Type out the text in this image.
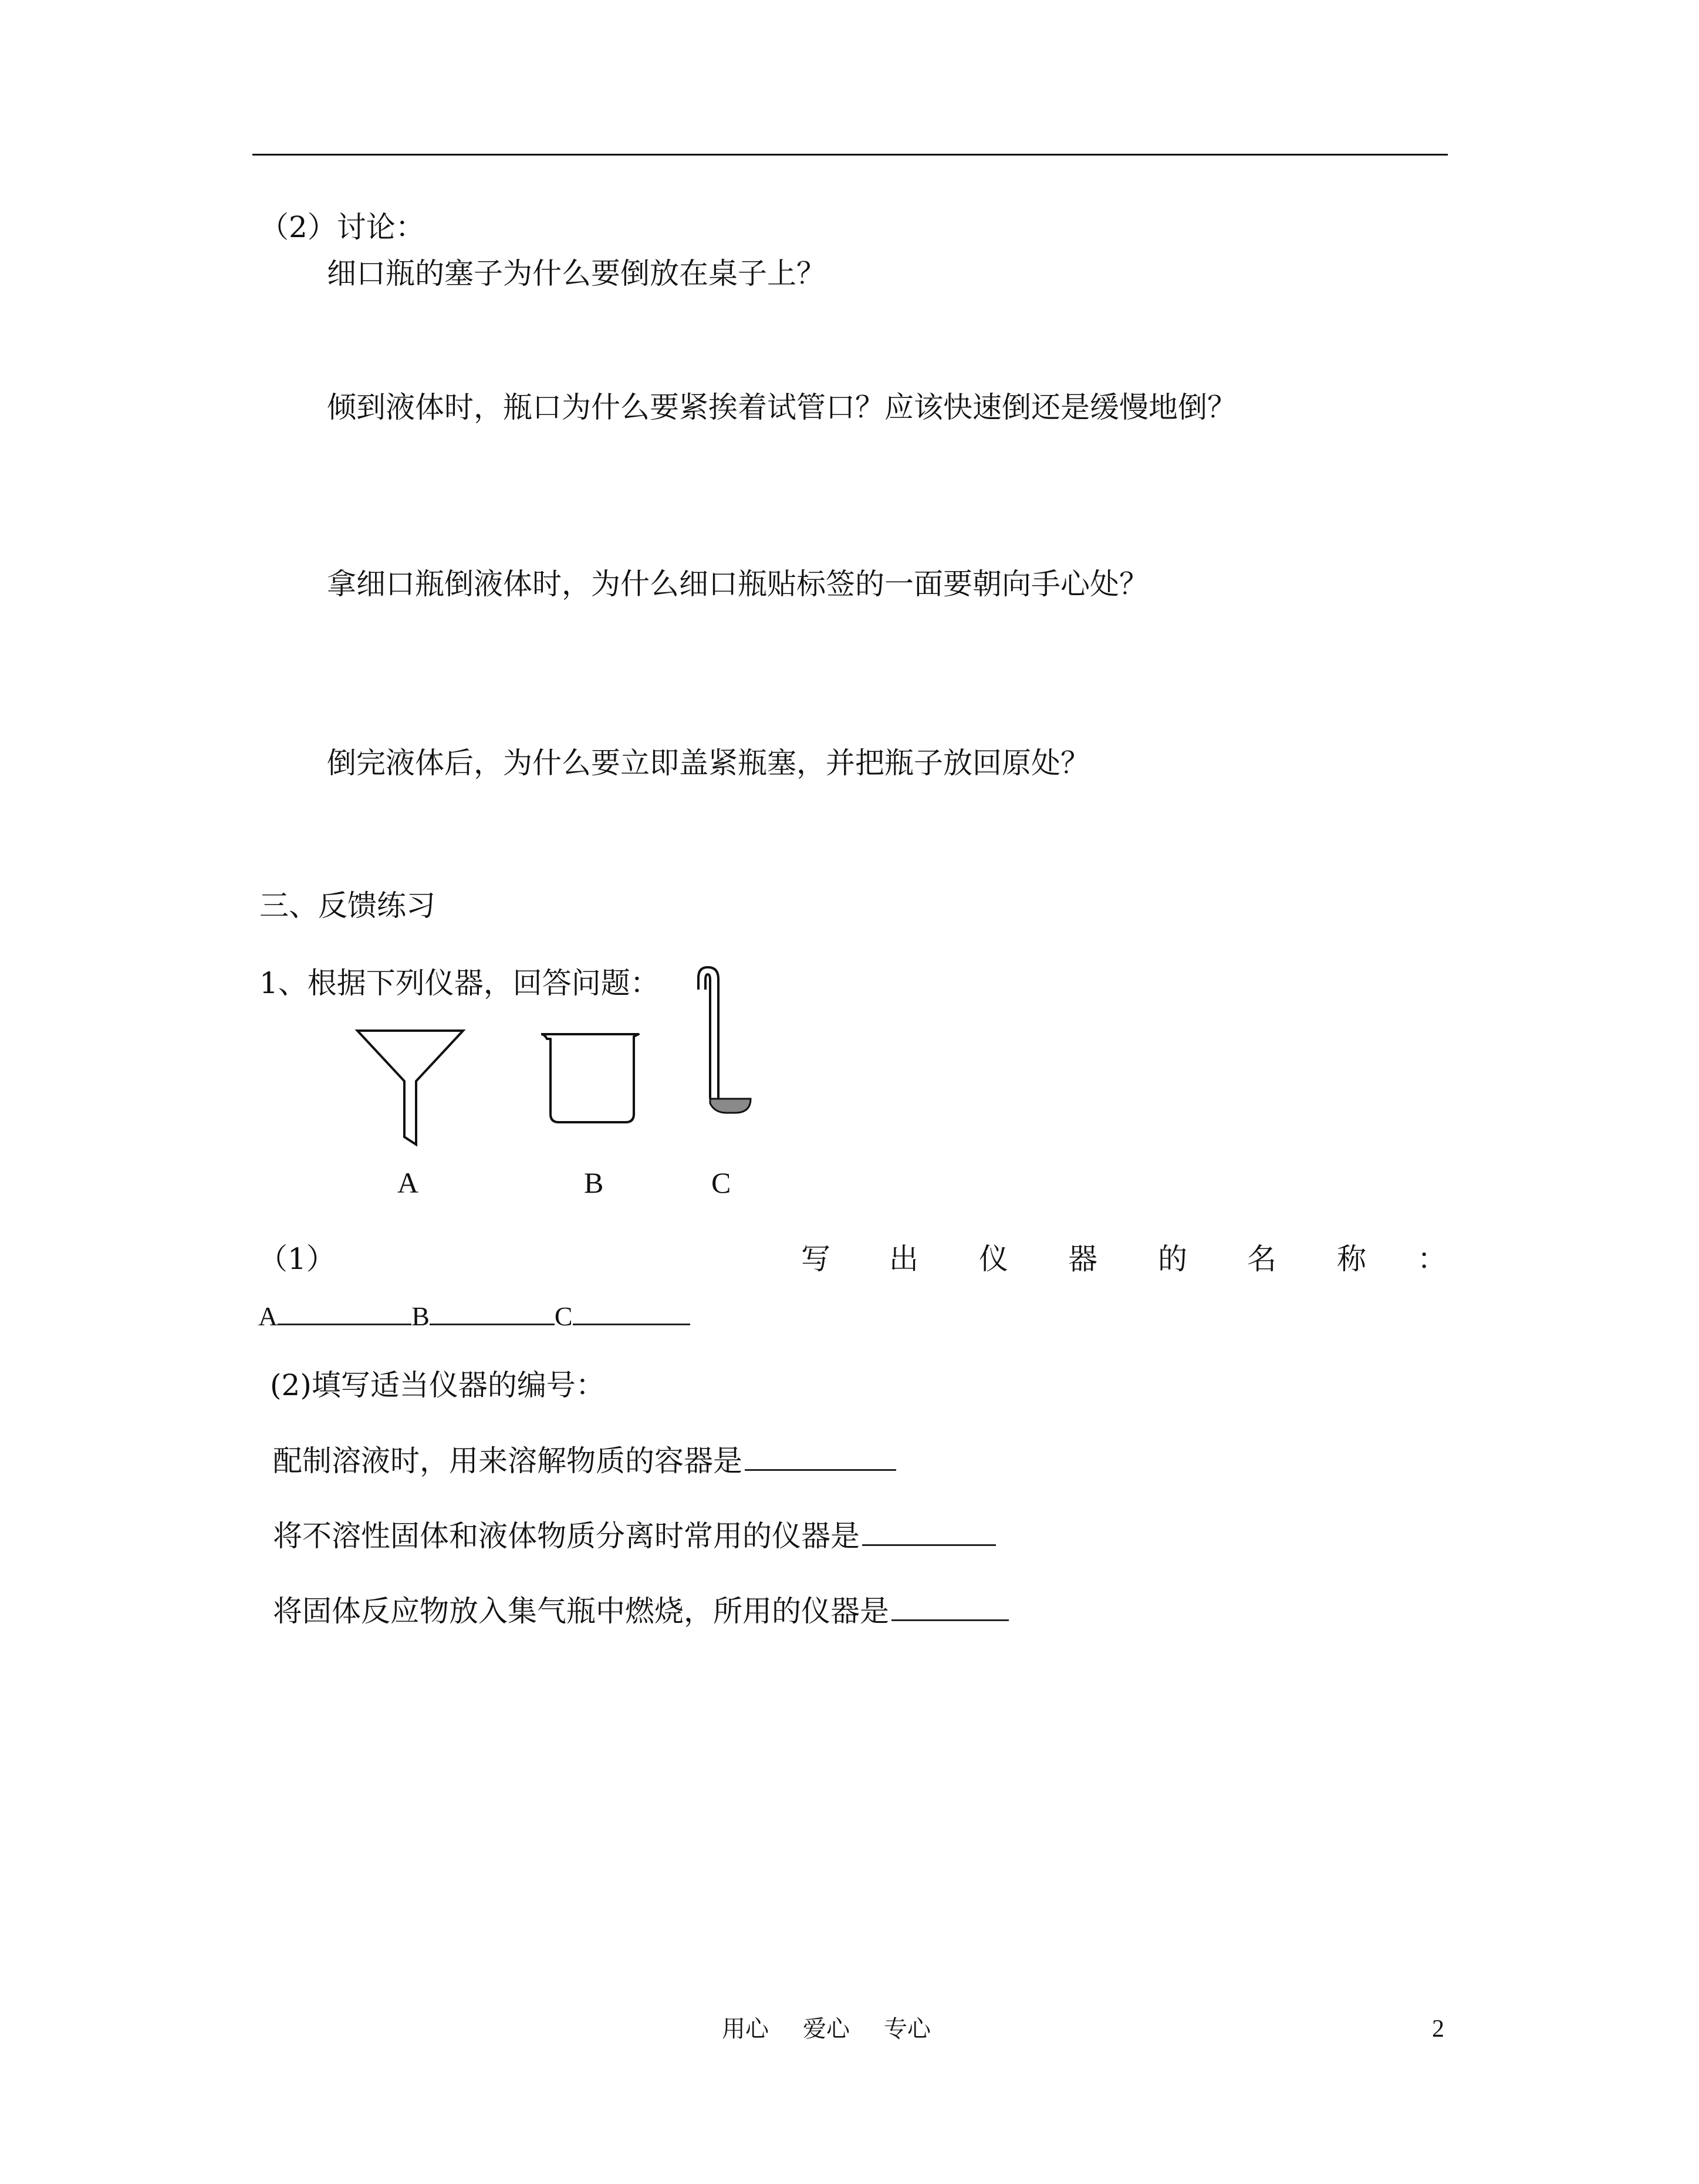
（2）讨论：
细口瓶的塞子为什么要倒放在桌子上？
倾到液体时，瓶口为什么要紧挨着试管口？应该快速倒还是缓慢地倒？
拿细口瓶倒液体时，为什么细口瓶贴标签的一面要朝向手心处？
倒完液体后，为什么要立即盖紧瓶塞，并把瓶子放回原处？
三、反馈练习
1、根据下列仪器，回答问题：
A	B	C
（1）	写 出 仪 器 的 名 称 ：
A	B	C
(2)填写适当仪器的编号：
配制溶液时，用来溶解物质的容器是
将不溶性固体和液体物质分离时常用的仪器是
将固体反应物放入集气瓶中燃烧，所用的仪器是
用心 爱心 专心	2
